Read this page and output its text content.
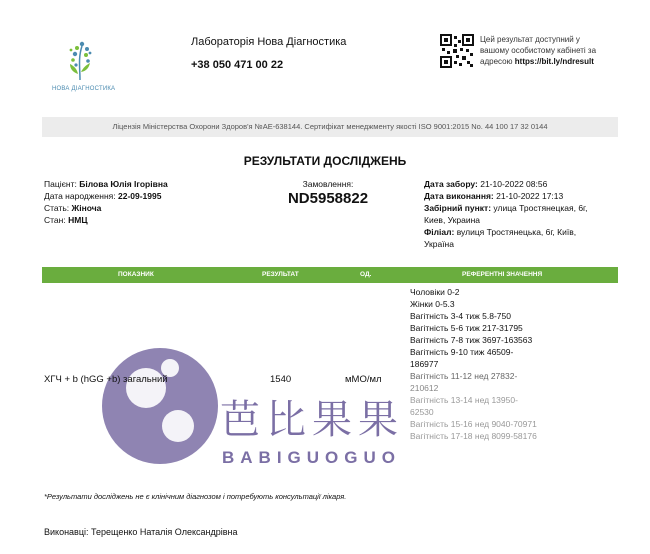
НОВА ДІАГНОСТИКА
Лабораторія Нова Діагностика
+38 050 471 00 22
Цей результат доступний у
вашому особистому кабінеті за
адресою https://bit.ly/ndresult
Ліцензія Міністерства Охорони Здоров'я №AE-638144. Сертифікат менеджменту якості ISO 9001:2015 No. 44 100 17 32 0144
РЕЗУЛЬТАТИ ДОСЛІДЖЕНЬ
Пацієнт: Білова Юлія Ігорівна
Дата народження: 22-09-1995
Стать: Жіноча
Стан: НМЦ
Замовлення:
ND5958822
Дата забору: 21-10-2022 08:56
Дата виконання: 21-10-2022 17:13
Забірний пункт: улица Тростянецкая, 6г,
Киев, Украина
Філіал: вулиця Тростянецька, 6г, Київ,
Україна
ПОКАЗНИК	РЕЗУЛЬТАТ	ОД.	РЕФЕРЕНТНІ ЗНАЧЕННЯ
芭比果果
BABIGUOGUO
ХГЧ + b (hGG +b) загальний	1540	мМО/мл
Чоловіки 0-2
Жінки 0-5.3
Вагітність 3-4 тиж 5.8-750
Вагітність 5-6 тиж 217-31795
Вагітність 7-8 тиж 3697-163563
Вагітність 9-10 тиж 46509-
186977
Вагітність 11-12 нед 27832-
210612
Вагітність 13-14 нед 13950-
62530
Вагітність 15-16 нед 9040-70971
Вагітність 17-18 нед 8099-58176
*Результати досліджень не є клінічним діагнозом і потребують консультації лікаря.
Виконавці: Терещенко Наталія Олександрівна
